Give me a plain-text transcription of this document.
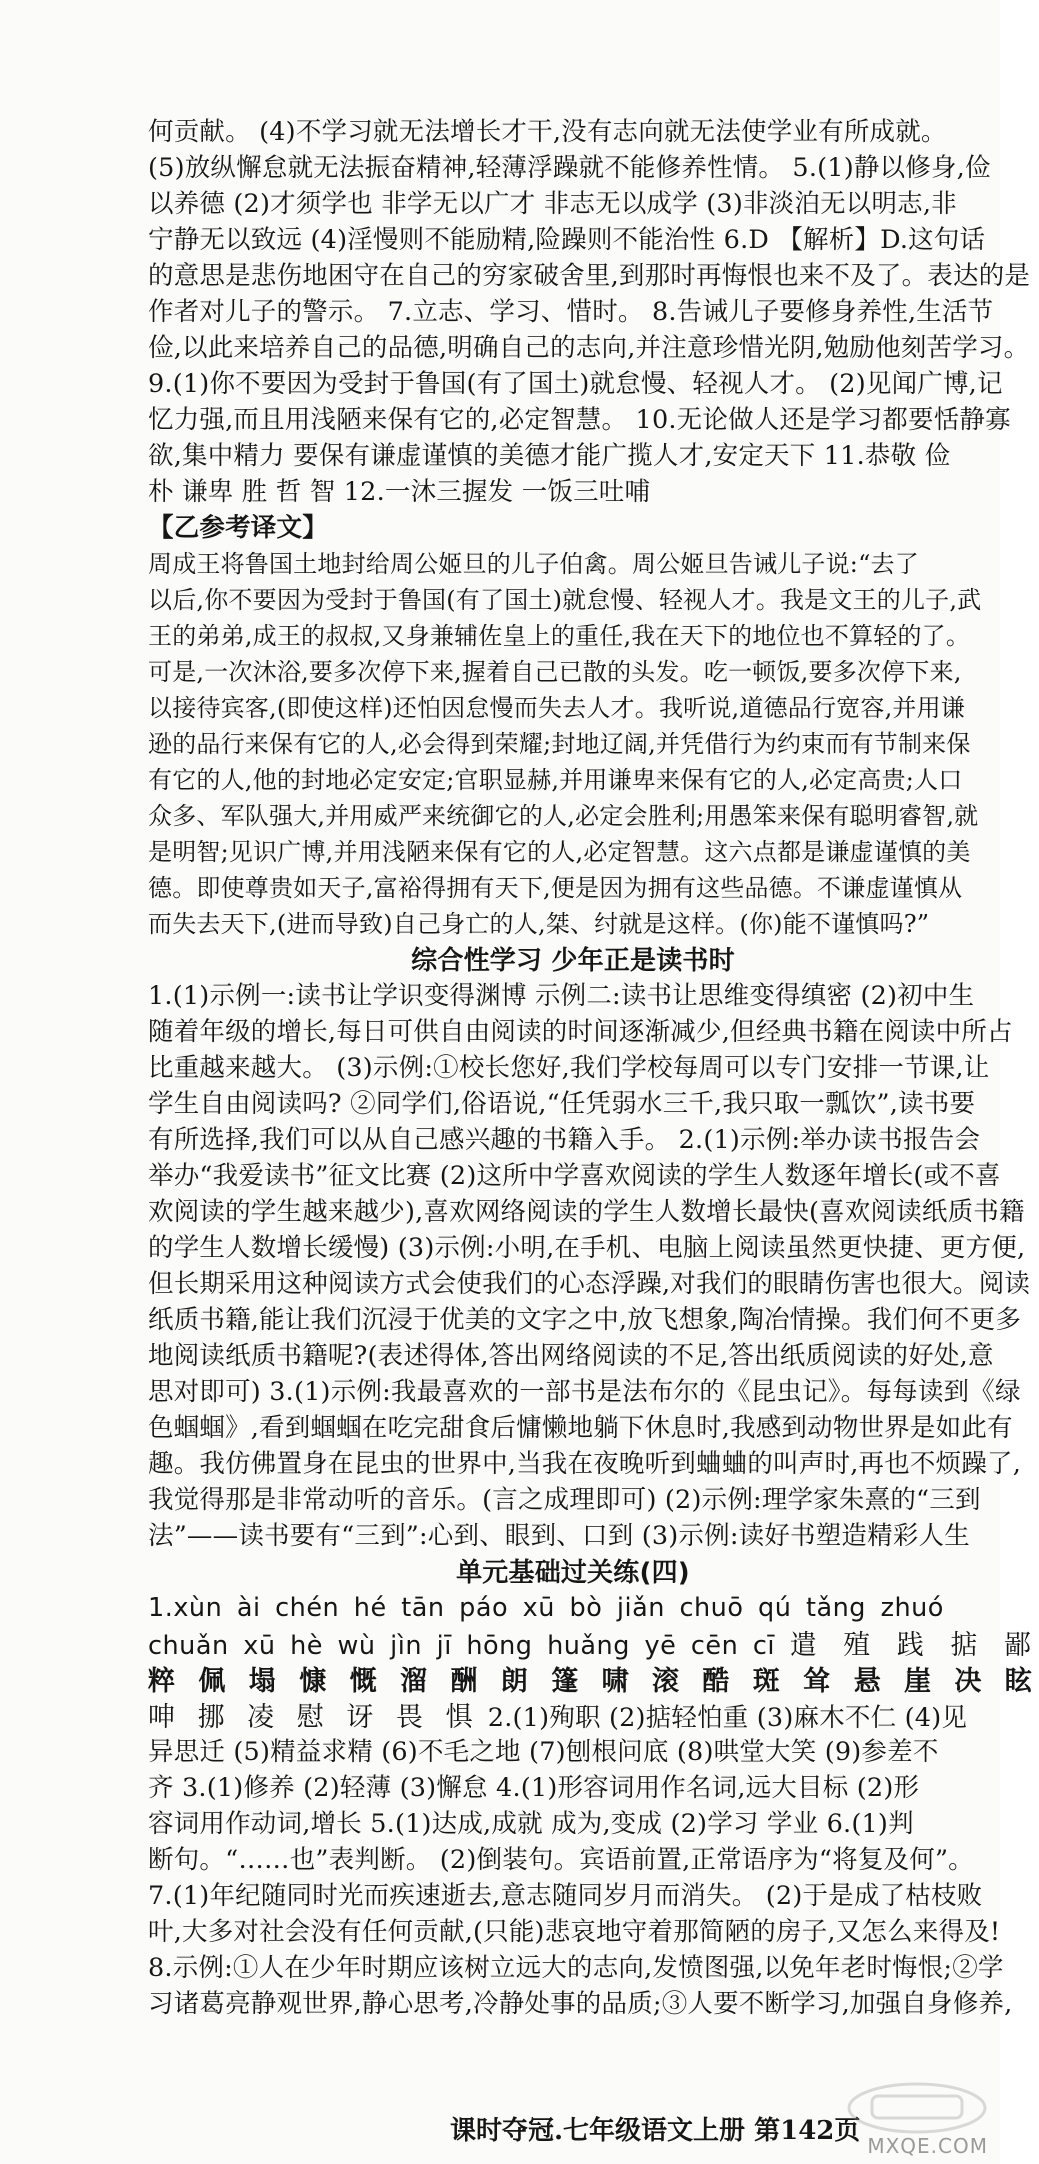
何贡献。 (4)不学习就无法增长才干,没有志向就无法使学业有所成就。
(5)放纵懈怠就无法振奋精神,轻薄浮躁就不能修养性情。 5.(1)静以修身,俭
以养德 (2)才须学也 非学无以广才 非志无以成学 (3)非淡泊无以明志,非
宁静无以致远 (4)淫慢则不能励精,险躁则不能治性 6.D 【解析】D.这句话
的意思是悲伤地困守在自己的穷家破舍里,到那时再悔恨也来不及了。表达的是
作者对儿子的警示。 7.立志、学习、惜时。 8.告诫儿子要修身养性,生活节
俭,以此来培养自己的品德,明确自己的志向,并注意珍惜光阴,勉励他刻苦学习。
9.(1)你不要因为受封于鲁国(有了国土)就怠慢、轻视人才。 (2)见闻广博,记
忆力强,而且用浅陋来保有它的,必定智慧。 10.无论做人还是学习都要恬静寡
欲,集中精力 要保有谦虚谨慎的美德才能广揽人才,安定天下 11.恭敬 俭
朴 谦卑 胜 哲 智 12.一沐三握发 一饭三吐哺
【乙参考译文】
周成王将鲁国土地封给周公姬旦的儿子伯禽。周公姬旦告诫儿子说:“去了
以后,你不要因为受封于鲁国(有了国土)就怠慢、轻视人才。我是文王的儿子,武
王的弟弟,成王的叔叔,又身兼辅佐皇上的重任,我在天下的地位也不算轻的了。
可是,一次沐浴,要多次停下来,握着自己已散的头发。吃一顿饭,要多次停下来,
以接待宾客,(即使这样)还怕因怠慢而失去人才。我听说,道德品行宽容,并用谦
逊的品行来保有它的人,必会得到荣耀;封地辽阔,并凭借行为约束而有节制来保
有它的人,他的封地必定安定;官职显赫,并用谦卑来保有它的人,必定高贵;人口
众多、军队强大,并用威严来统御它的人,必定会胜利;用愚笨来保有聪明睿智,就
是明智;见识广博,并用浅陋来保有它的人,必定智慧。这六点都是谦虚谨慎的美
德。即使尊贵如天子,富裕得拥有天下,便是因为拥有这些品德。不谦虚谨慎从
而失去天下,(进而导致)自己身亡的人,桀、纣就是这样。(你)能不谨慎吗?”
综合性学习 少年正是读书时
1.(1)示例一:读书让学识变得渊博 示例二:读书让思维变得缜密 (2)初中生
随着年级的增长,每日可供自由阅读的时间逐渐减少,但经典书籍在阅读中所占
比重越来越大。 (3)示例:①校长您好,我们学校每周可以专门安排一节课,让
学生自由阅读吗? ②同学们,俗语说,“任凭弱水三千,我只取一瓢饮”,读书要
有所选择,我们可以从自己感兴趣的书籍入手。 2.(1)示例:举办读书报告会
举办“我爱读书”征文比赛 (2)这所中学喜欢阅读的学生人数逐年增长(或不喜
欢阅读的学生越来越少),喜欢网络阅读的学生人数增长最快(喜欢阅读纸质书籍
的学生人数增长缓慢) (3)示例:小明,在手机、电脑上阅读虽然更快捷、更方便,
但长期采用这种阅读方式会使我们的心态浮躁,对我们的眼睛伤害也很大。阅读
纸质书籍,能让我们沉浸于优美的文字之中,放飞想象,陶冶情操。我们何不更多
地阅读纸质书籍呢?(表述得体,答出网络阅读的不足,答出纸质阅读的好处,意
思对即可) 3.(1)示例:我最喜欢的一部书是法布尔的《昆虫记》。每每读到《绿
色蝈蝈》,看到蝈蝈在吃完甜食后慵懒地躺下休息时,我感到动物世界是如此有
趣。我仿佛置身在昆虫的世界中,当我在夜晚听到蛐蛐的叫声时,再也不烦躁了,
我觉得那是非常动听的音乐。(言之成理即可) (2)示例:理学家朱熹的“三到
法”——读书要有“三到”:心到、眼到、口到 (3)示例:读好书塑造精彩人生
单元基础过关练(四)
1.xùn ài chén hé tān páo xū bò jiǎn chuō qú tǎng zhuó
chuǎn xū hè wù jìn jī hōng huǎng yē cēn cī 遣 殖 践 掂 鄙
粹 佩 塌 慷 慨 溜 酬 朗 篷 啸 滚 酷 斑 耸 悬 崖 决 眩
呻 挪 凌 慰 讶 畏 惧 2.(1)殉职 (2)掂轻怕重 (3)麻木不仁 (4)见
异思迁 (5)精益求精 (6)不毛之地 (7)刨根问底 (8)哄堂大笑 (9)参差不
齐 3.(1)修养 (2)轻薄 (3)懈怠 4.(1)形容词用作名词,远大目标 (2)形
容词用作动词,增长 5.(1)达成,成就 成为,变成 (2)学习 学业 6.(1)判
断句。“……也”表判断。 (2)倒装句。宾语前置,正常语序为“将复及何”。
7.(1)年纪随同时光而疾速逝去,意志随同岁月而消失。 (2)于是成了枯枝败
叶,大多对社会没有任何贡献,(只能)悲哀地守着那简陋的房子,又怎么来得及!
8.示例:①人在少年时期应该树立远大的志向,发愤图强,以免年老时悔恨;②学
习诸葛亮静观世界,静心思考,冷静处事的品质;③人要不断学习,加强自身修养,
课时夺冠.七年级语文上册 第142页 MXQE.COM
